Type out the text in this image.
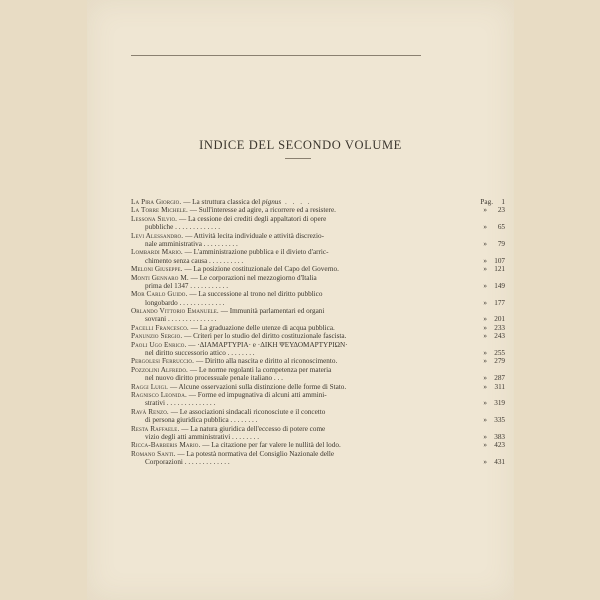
INDICE DEL SECONDO VOLUME
La Pira Giorgio. — La struttura classica del pignus . . . .	Pag. 1
La Torre Michele. — Sull'interesse ad agire, a ricorrere ed a resistere.	» 23
Lessona Silvio. — La cessione dei crediti degli appaltatori di opere
pubbliche . . . . . . . . . . . . .	» 65
Levi Alessandro. — Attività lecita individuale e attività discrezio-
nale amministrativa . . . . . . . . . .	» 79
Lombardi Mario. — L'amministrazione pubblica e il divieto d'arric-
chimento senza causa . . . . . . . . . .	» 107
Meloni Giuseppe. — La posizione costituzionale del Capo del Governo.	» 121
Monti Gennaro M. — Le corporazioni nel mezzogiorno d'Italia
prima del 1347 . . . . . . . . . . .	» 149
Mor Carlo Guido. — La successione al trono nel diritto pubblico
longobardo . . . . . . . . . . . . .	» 177
Orlando Vittorio Emanuele. — Immunità parlamentari ed organi
sovrani . . . . . . . . . . . . . .	» 201
Pacelli Francesco. — La graduazione delle utenze di acqua pubblica.	» 233
Panunzio Sergio. — Criteri per lo studio del diritto costituzionale fascista.	» 243
Paoli Ugo Enrico. — ·ΔΙΑΜΑΡΤΥΡΙΑ· e ·ΔΙΚΗ ΨΕΥΔΟΜΑΡΤΥΡΙΩΝ·
nel diritto successorio attico . . . . . . . .	» 255
Pergolesi Ferruccio. — Diritto alla nascita e diritto al riconoscimento.	» 279
Pozzolini Alfredo. — Le norme regolanti la competenza per materia
nel nuovo diritto processuale penale italiano . . .	» 287
Raggi Luigi. — Alcune osservazioni sulla distinzione delle forme di Stato.	» 311
Ragnisco Leonida. — Forme ed impugnativa di alcuni atti ammini-
strativi . . . . . . . . . . . . . .	» 319
Ravà Renzo. — Le associazioni sindacali riconosciute e il concetto
di persona giuridica pubblica . . . . . . . .	» 335
Resta Raffaele. — La natura giuridica dell'eccesso di potere come
vizio degli atti amministrativi . . . . . . . .	» 383
Ricca-Barberis Mario. — La citazione per far valere le nullità del lodo.	» 423
Romano Santi. — La potestà normativa del Consiglio Nazionale delle
Corporazioni . . . . . . . . . . . . .	» 431
